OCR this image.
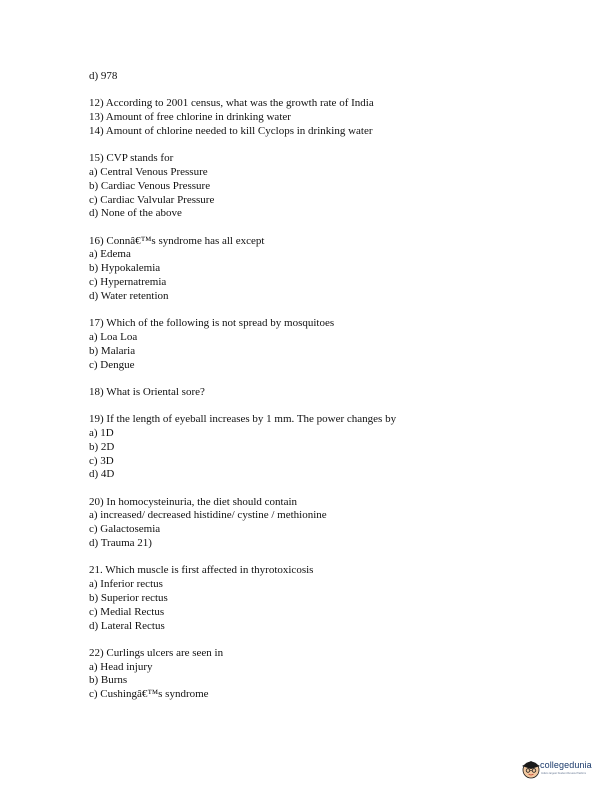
d) 978
12) According to 2001 census, what was the growth rate of India
13) Amount of free chlorine in drinking water
14) Amount of chlorine needed to kill Cyclops in drinking water
15) CVP stands for
a) Central Venous Pressure
b) Cardiac Venous Pressure
c) Cardiac Valvular Pressure
d) None of the above
16) Connâ€™s syndrome has all except
a) Edema
b) Hypokalemia
c) Hypernatremia
d) Water retention
17) Which of the following is not spread by mosquitoes
a) Loa Loa
b) Malaria
c) Dengue
18) What is Oriental sore?
19) If the length of eyeball increases by 1 mm. The power changes by
a) 1D
b) 2D
c) 3D
d) 4D
20) In homocysteinuria, the diet should contain
a) increased/ decreased histidine/ cystine / methionine
c) Galactosemia
d) Trauma 21)
21. Which muscle is first affected in thyrotoxicosis
a) Inferior rectus
b) Superior rectus
c) Medial Rectus
d) Lateral Rectus
22) Curlings ulcers are seen in
a) Head injury
b) Burns
c) Cushingâ€™s syndrome
collegedunia
India's largest Student Review Platform
